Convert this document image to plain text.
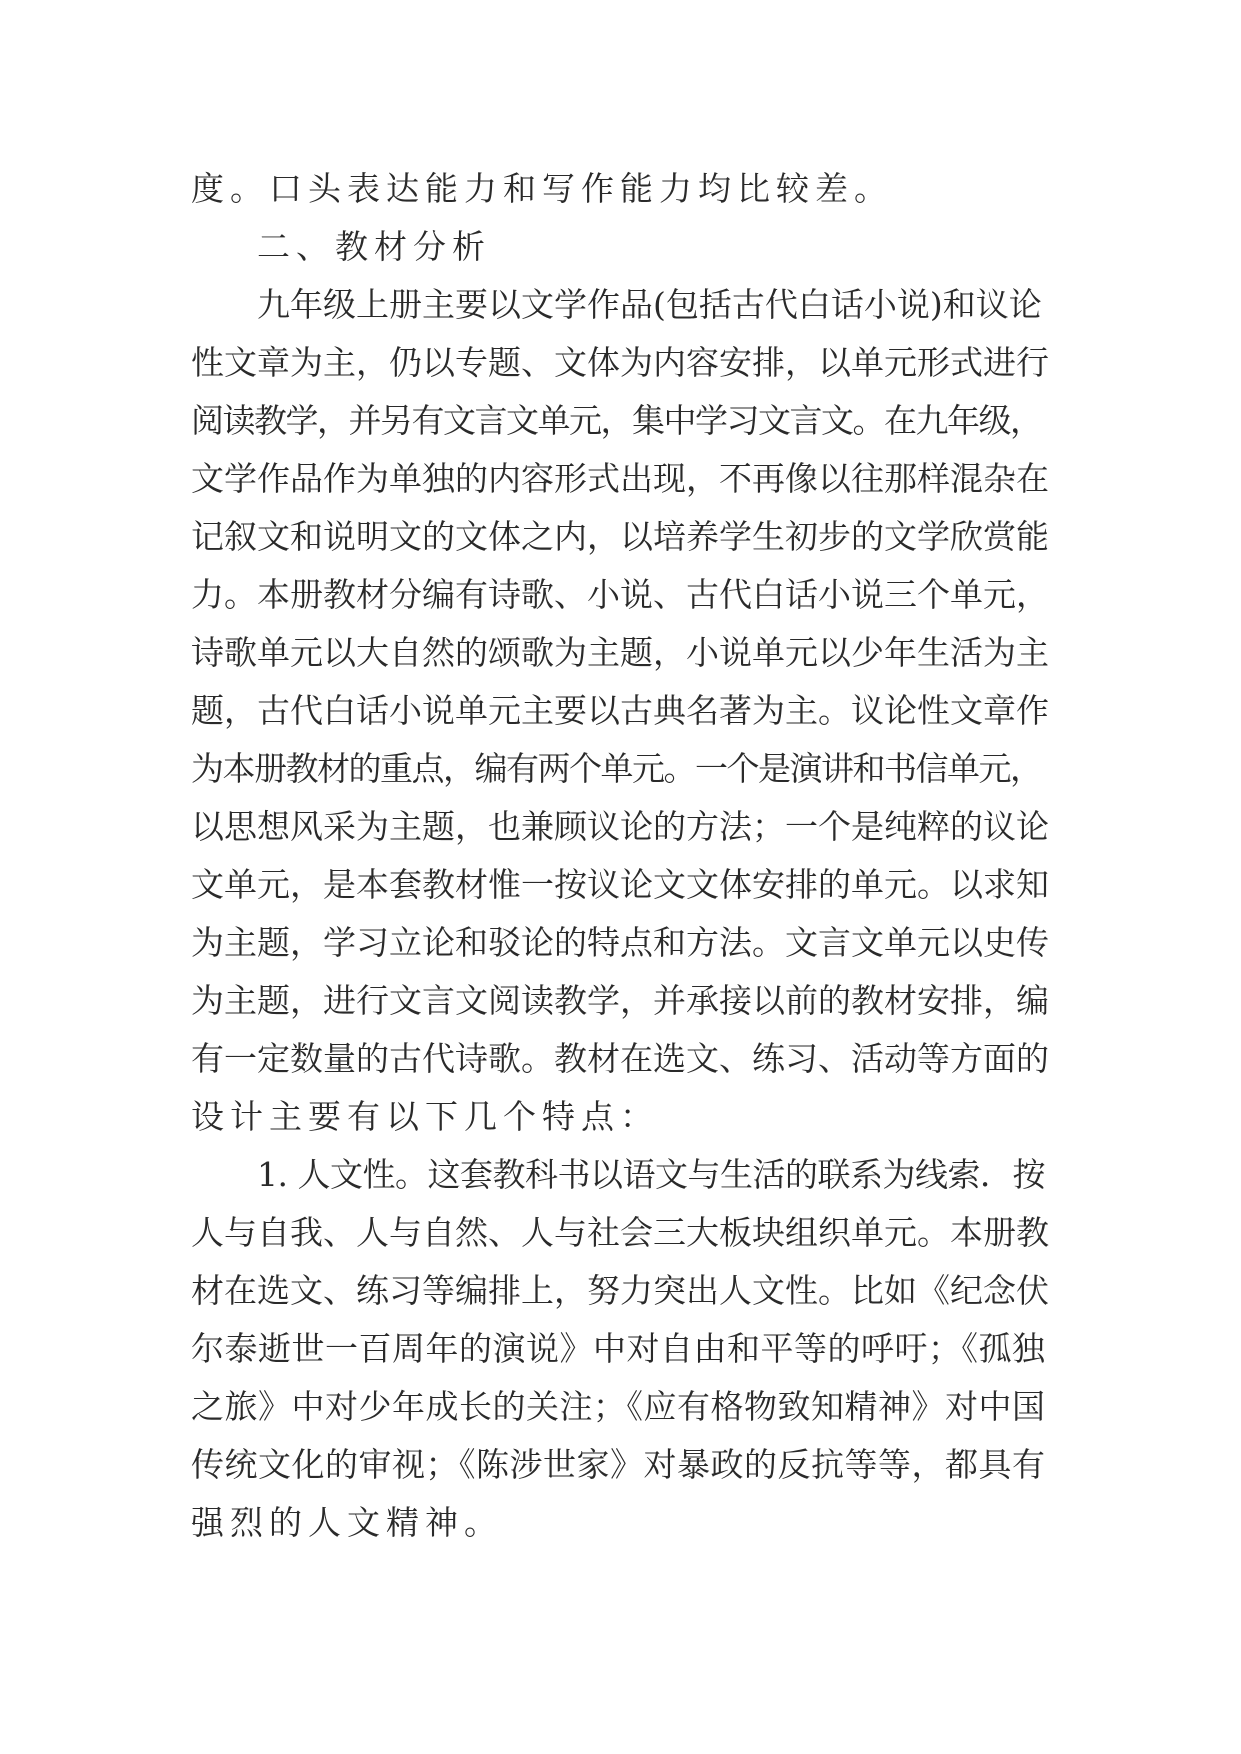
度。口头表达能力和写作能力均比较差。
二、教材分析
九年级上册主要以文学作品(包括古代白话小说)和议论
性文章为主，仍以专题、文体为内容安排，以单元形式进行
阅读教学，并另有文言文单元，集中学习文言文。在九年级，
文学作品作为单独的内容形式出现，不再像以往那样混杂在
记叙文和说明文的文体之内，以培养学生初步的文学欣赏能
力。本册教材分编有诗歌、小说、古代白话小说三个单元，
诗歌单元以大自然的颂歌为主题，小说单元以少年生活为主
题，古代白话小说单元主要以古典名著为主。议论性文章作
为本册教材的重点，编有两个单元。一个是演讲和书信单元，
以思想风采为主题，也兼顾议论的方法；一个是纯粹的议论
文单元，是本套教材惟一按议论文文体安排的单元。以求知
为主题，学习立论和驳论的特点和方法。文言文单元以史传
为主题，进行文言文阅读教学，并承接以前的教材安排，编
有一定数量的古代诗歌。教材在选文、练习、活动等方面的
设计主要有以下几个特点：
1. 人文性。这套教科书以语文与生活的联系为线索．按
人与自我、人与自然、人与社会三大板块组织单元。本册教
材在选文、练习等编排上，努力突出人文性。比如《纪念伏
尔泰逝世一百周年的演说》中对自由和平等的呼吁；《孤独
之旅》中对少年成长的关注；《应有格物致知精神》对中国
传统文化的审视；《陈涉世家》对暴政的反抗等等，都具有
强烈的人文精神。
